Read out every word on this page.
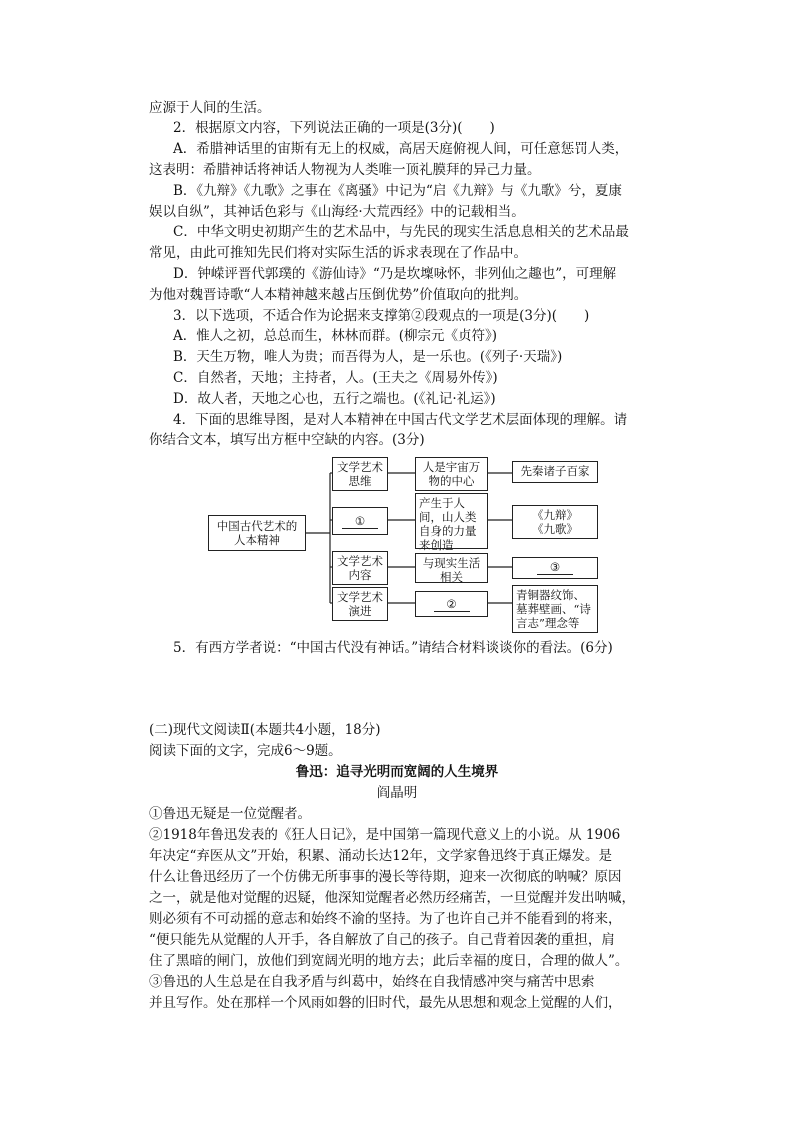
应源于人间的生活。
2．根据原文内容，下列说法正确的一项是(3分)(　　)
A．希腊神话里的宙斯有无上的权威，高居天庭俯视人间，可任意惩罚人类，
这表明：希腊神话将神话人物视为人类唯一顶礼膜拜的异己力量。
B．《九辩》《九歌》之事在《离骚》中记为“启《九辩》与《九歌》兮，夏康
娱以自纵”，其神话色彩与《山海经·大荒西经》中的记载相当。
C．中华文明史初期产生的艺术品中，与先民的现实生活息息相关的艺术品最
常见，由此可推知先民们将对实际生活的诉求表现在了作品中。
D．钟嵘评晋代郭璞的《游仙诗》“乃是坎壈咏怀，非列仙之趣也”，可理解
为他对魏晋诗歌“人本精神越来越占压倒优势”价值取向的批判。
3．以下选项，不适合作为论据来支撑第②段观点的一项是(3分)(　　)
A．惟人之初，总总而生，林林而群。(柳宗元《贞符》)
B．天生万物，唯人为贵；而吾得为人，是一乐也。(《列子·天瑞》)
C．自然者，天地；主持者，人。(王夫之《周易外传》)
D．故人者，天地之心也，五行之端也。(《礼记·礼运》)
4．下面的思维导图，是对人本精神在中国古代文学艺术层面体现的理解。请
你结合文本，填写出方框中空缺的内容。(3分)
中国古代艺术的人本精神
文学艺术思维
人是宇宙万物的中心
先秦诸子百家
①
产生于人间，山人类自身的力量来创造
《九辩》
《九歌》
文学艺术内容
与现实生活相关
③
文学艺术演进	②
青铜器纹饰、墓葬壁画、“诗言志”理念等
5．有西方学者说：“中国古代没有神话。”请结合材料谈谈你的看法。(6分)
(二)现代文阅读Ⅱ(本题共4小题，18分)
阅读下面的文字，完成6～9题。
鲁迅：追寻光明而宽阔的人生境界
阎晶明
①鲁迅无疑是一位觉醒者。
②1918年鲁迅发表的《狂人日记》，是中国第一篇现代意义上的小说。从 1906
年决定“弃医从文”开始，积累、涌动长达12年，文学家鲁迅终于真正爆发。是
什么让鲁迅经历了一个仿佛无所事事的漫长等待期，迎来一次彻底的呐喊？原因
之一，就是他对觉醒的迟疑，他深知觉醒者必然历经痛苦，一旦觉醒并发出呐喊，
则必须有不可动摇的意志和始终不渝的坚持。为了也许自己并不能看到的将来，
“便只能先从觉醒的人开手，各自解放了自己的孩子。自己背着因袭的重担，肩
住了黑暗的闸门，放他们到宽阔光明的地方去；此后幸福的度日，合理的做人”。
③鲁迅的人生总是在自我矛盾与纠葛中，始终在自我情感冲突与痛苦中思索
并且写作。处在那样一个风雨如磐的旧时代，最先从思想和观念上觉醒的人们，
